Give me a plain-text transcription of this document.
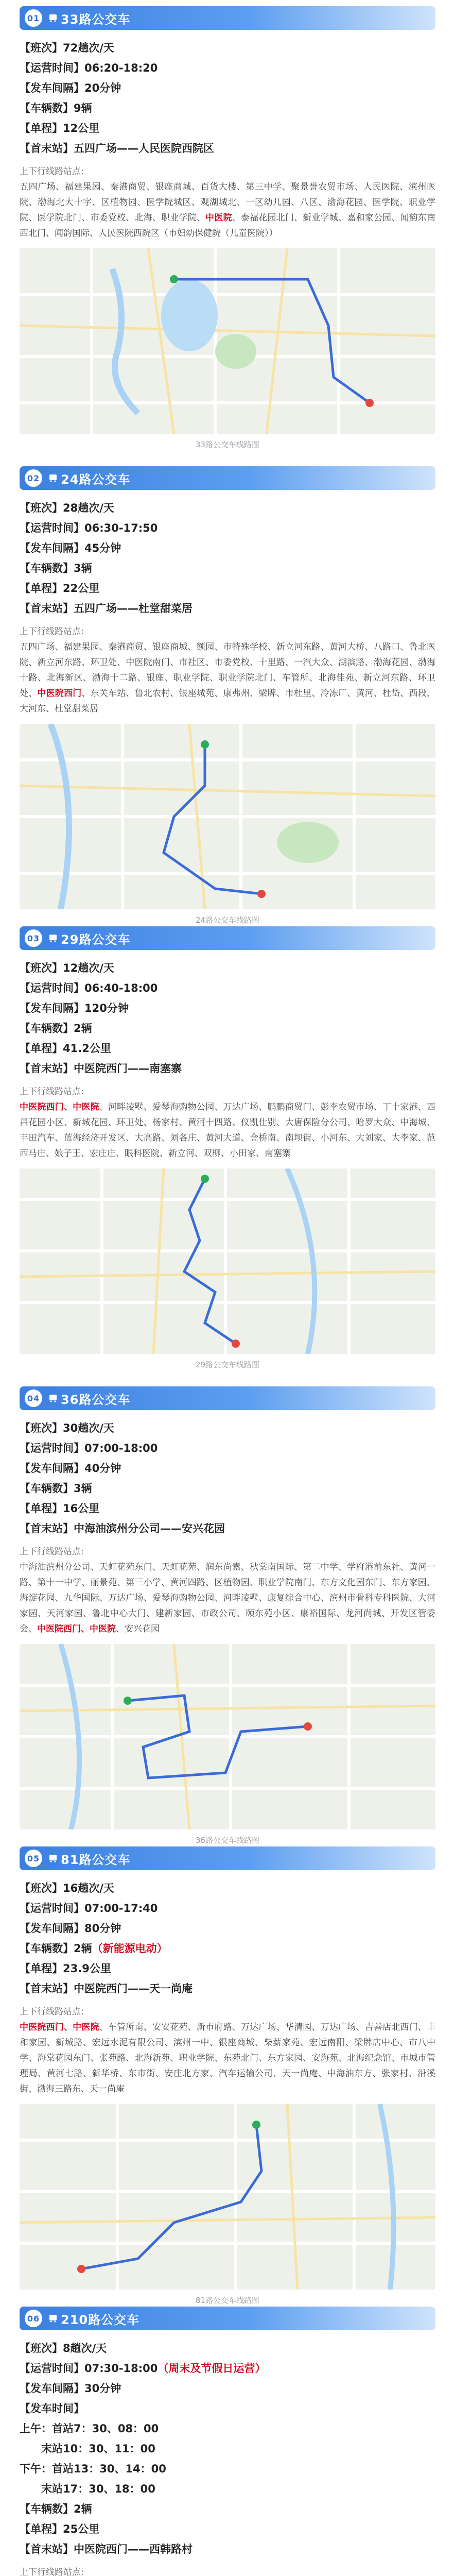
01 33路公交车
【班次】72趟次/天
【运营时间】06:20-18:20
【发车间隔】20分钟
【车辆数】9辆
【单程】12公里
【首末站】五四广场——人民医院西院区
上下行线路站点:
五四广场、福建果园、秦港商贸、银座商城、百货大楼、第三中学、聚景誉农贸市场、人民医院、滨州医院、渤海北大十字、区植物园、医学院城区、观湖城北、一区幼儿园、八区、渤海花园、医学院、职业学院、医学院北门、市委党校、北海、职业学院、中医院、泰福花园北门、新业学城、嘉和家公园、闻韵东南西北门、闻韵国际、人民医院西院区（市妇幼保健院（儿童医院））
33路公交车线路图
02 24路公交车
【班次】28趟次/天
【运营时间】06:30-17:50
【发车间隔】45分钟
【车辆数】3辆
【单程】22公里
【首末站】五四广场——杜堂甜菜居
上下行线路站点:
五四广场、福建果园、秦港商贸、银座商城、额园、市特殊学校、新立河东路、黄河大桥、八路口、鲁北医院、新立河东路、环卫处、中医院南门、市社区、市委党校、十里路、一汽大众、湖滨路、渤海花园、渤海十路、北海新区、渤海十二路、银座、职业学院、职业学院北门、车管所、北海佳苑、新立河东路、环卫处、中医院西门、东关车站、鲁北农村、银座城苑、康弗州、梁牌、市杜里、冷冻厂、黄河、杜岱、西段、大河东、杜堂甜菜居
24路公交车线路图
03 29路公交车
【班次】12趟次/天
【运营时间】06:40-18:00
【发车间隔】120分钟
【车辆数】2辆
【单程】41.2公里
【首末站】中医院西门——南塞寨
上下行线路站点:
中医院西门、中医院、河畔凌墅、爱琴海购物公园、万达广场、鹏鹏商贸门、彭李农贸市场、丁十家港、西昌花园小区、新城花园、环卫处、杨家村、黄河十四路、仪凯仕别、大唐保险分公司、哈罗大众、中海城、丰田汽车、蓝海经济开发区、大高路、刘各庄、黄河大道、金桥南、南坝街、小河东、大刘家、大李家、范西马庄、娘子王、宏庄庄、眼科医院、新立河、双柳、小田家、南塞寨
29路公交车线路图
04 36路公交车
【班次】30趟次/天
【运营时间】07:00-18:00
【发车间隔】40分钟
【车辆数】3辆
【单程】16公里
【首末站】中海油滨州分公司——安兴花园
上下行线路站点:
中海油滨州分公司、天虹花苑东门、天虹花苑、润东尚素、秋棠南国际、第二中学、学府港前东社、黄河一路、第十一中学、丽景苑、第三小学、黄河四路、区植物园、职业学院南门、东方文化园东门、东方家园、海淀花园、九华国际、万达广场、爱琴海购物公园、河畔凌墅、康复综合中心、滨州市骨科专科医院、大河家园、天河家园、鲁北中心大门、建新家园、市政公司、颐东苑小区、康裕国际、龙河尚城、开发区管委会、中医院西门、中医院、安兴花园
36路公交车线路图
05 81路公交车
【班次】16趟次/天
【运营时间】07:00-17:40
【发车间隔】80分钟
【车辆数】2辆（新能源电动）
【单程】23.9公里
【首末站】中医院西门——天一尚庵
上下行线路站点:
中医院西门、中医院、车管所南、安安花苑、新市府路、万达广场、华清园、万达广场、吉善店北西门、丰和家园、新城路、宏远水泥有限公司、滨州一中、银座商城、柴薪家苑、宏远南阳、梁牌店中心、市八中学、海棠花园东门、张苑路、北海新苑、职业学院、东苑北门、东方家园、安海苑、北海纪念馆、市城市管理局、黄河七路、新华桥、东市街、安庄北方家、汽车运输公司、天一尚庵、中海油东方、张家村、沿溪街、渤海三路东、天一尚庵
81路公交车线路图
06 210路公交车
【班次】8趟次/天
【运营时间】07:30-18:00（周末及节假日运营）
【发车间隔】30分钟
【发车时间】
上午：首站7：30、08：00
末站10：30、11：00
下午：首站13：30、14：00
末站17：30、18：00
【车辆数】2辆
【单程】25公里
【首末站】中医院西门——西韩路村
上下行线路站点:
